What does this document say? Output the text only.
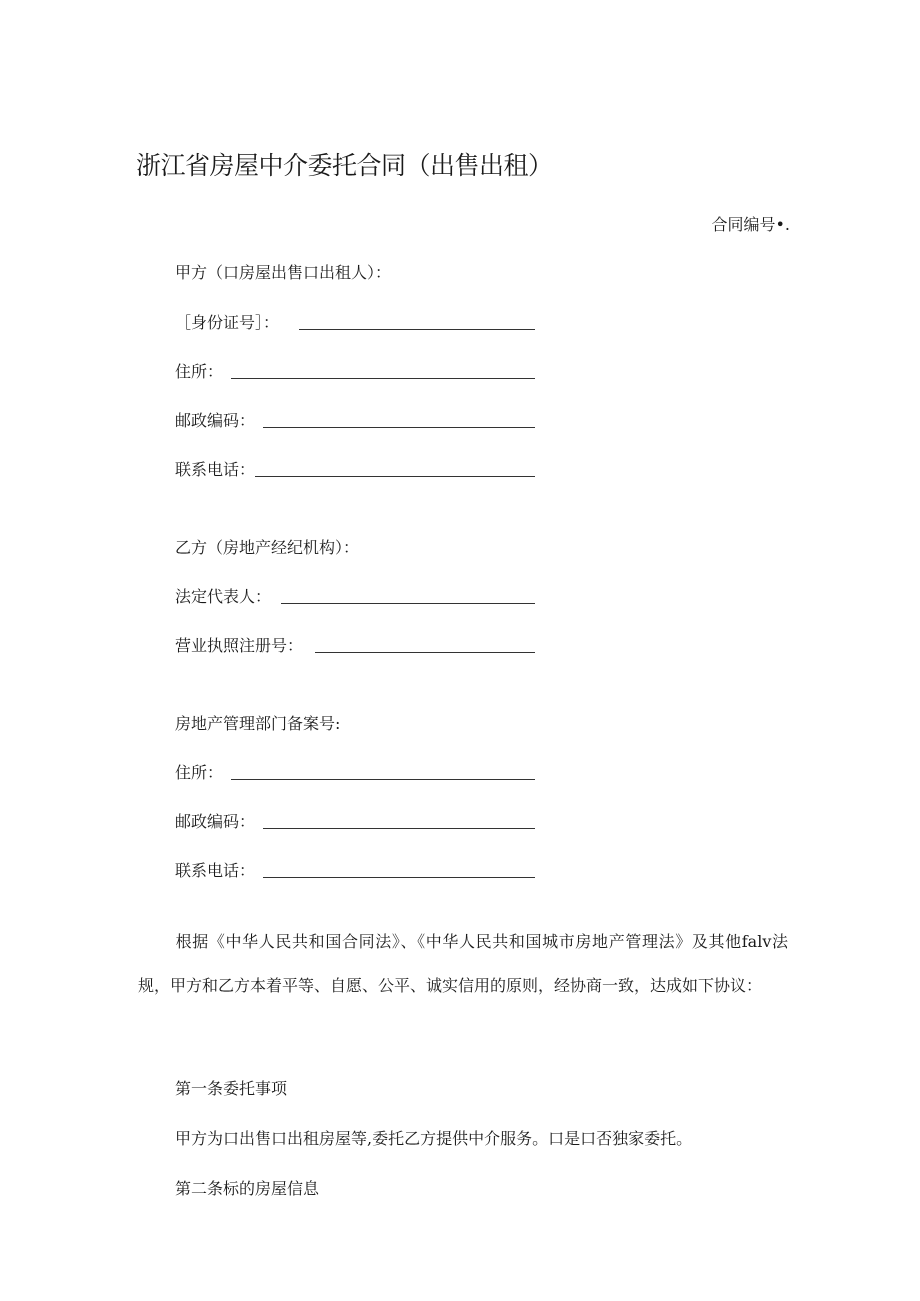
浙江省房屋中介委托合同（出售出租）
合同编号•.
甲方（口房屋出售口出租人）：
［身份证号］：
住所：
邮政编码：
联系电话：
乙方（房地产经纪机构）：
法定代表人：
营业执照注册号：
房地产管理部门备案号:
住所：
邮政编码：
联系电话：
根据《中华人民共和国合同法》、《中华人民共和国城市房地产管理法》及其他falv法规，甲方和乙方本着平等、自愿、公平、诚实信用的原则，经协商一致，达成如下协议：
第一条委托事项
甲方为口出售口出租房屋等,委托乙方提供中介服务。口是口否独家委托。
第二条标的房屋信息
